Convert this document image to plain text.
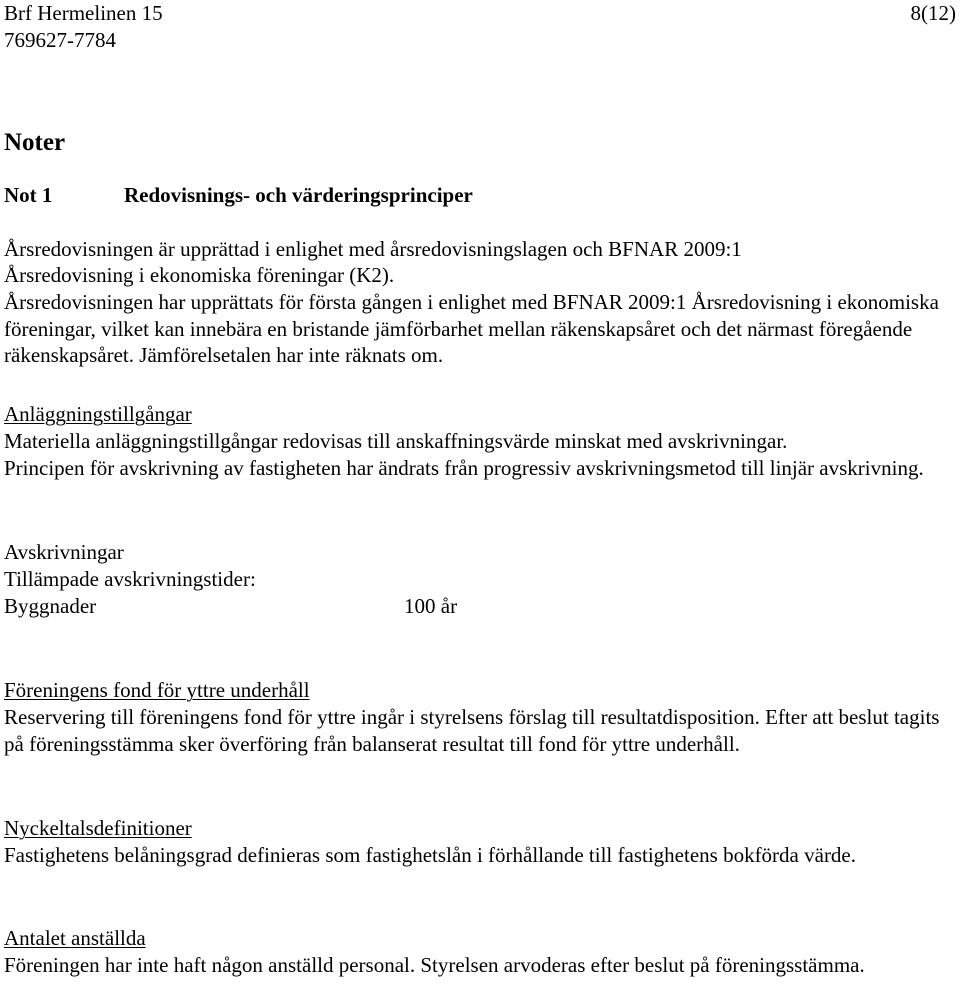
Brf Hermelinen 15
769627-7784
8(12)
Noter
Not 1	Redovisnings- och värderingsprinciper

Årsredovisningen är upprättad i enlighet med årsredovisningslagen och BFNAR 2009:1

Årsredovisning i ekonomiska föreningar (K2).

Årsredovisningen har upprättats för första gången i enlighet med BFNAR 2009:1 Årsredovisning i ekonomiska föreningar, vilket kan innebära en bristande jämförbarhet mellan räkenskapsåret och det närmast föregående räkenskapsåret. Jämförelsetalen har inte räknats om.

Anläggningstillgångar

Materiella anläggningstillgångar redovisas till anskaffningsvärde minskat med avskrivningar.

Principen för avskrivning av fastigheten har ändrats från progressiv avskrivningsmetod till linjär avskrivning.

Avskrivningar

Tillämpade avskrivningstider:

Byggnader	100 år

Föreningens fond för yttre underhåll

Reservering till föreningens fond för yttre ingår i styrelsens förslag till resultatdisposition. Efter att beslut tagits på föreningsstämma sker överföring från balanserat resultat till fond för yttre underhåll.

Nyckeltalsdefinitioner

Fastighetens belåningsgrad definieras som fastighetslån i förhållande till fastighetens bokförda värde.

Antalet anställda

Föreningen har inte haft någon anställd personal. Styrelsen arvoderas efter beslut på föreningsstämma.
